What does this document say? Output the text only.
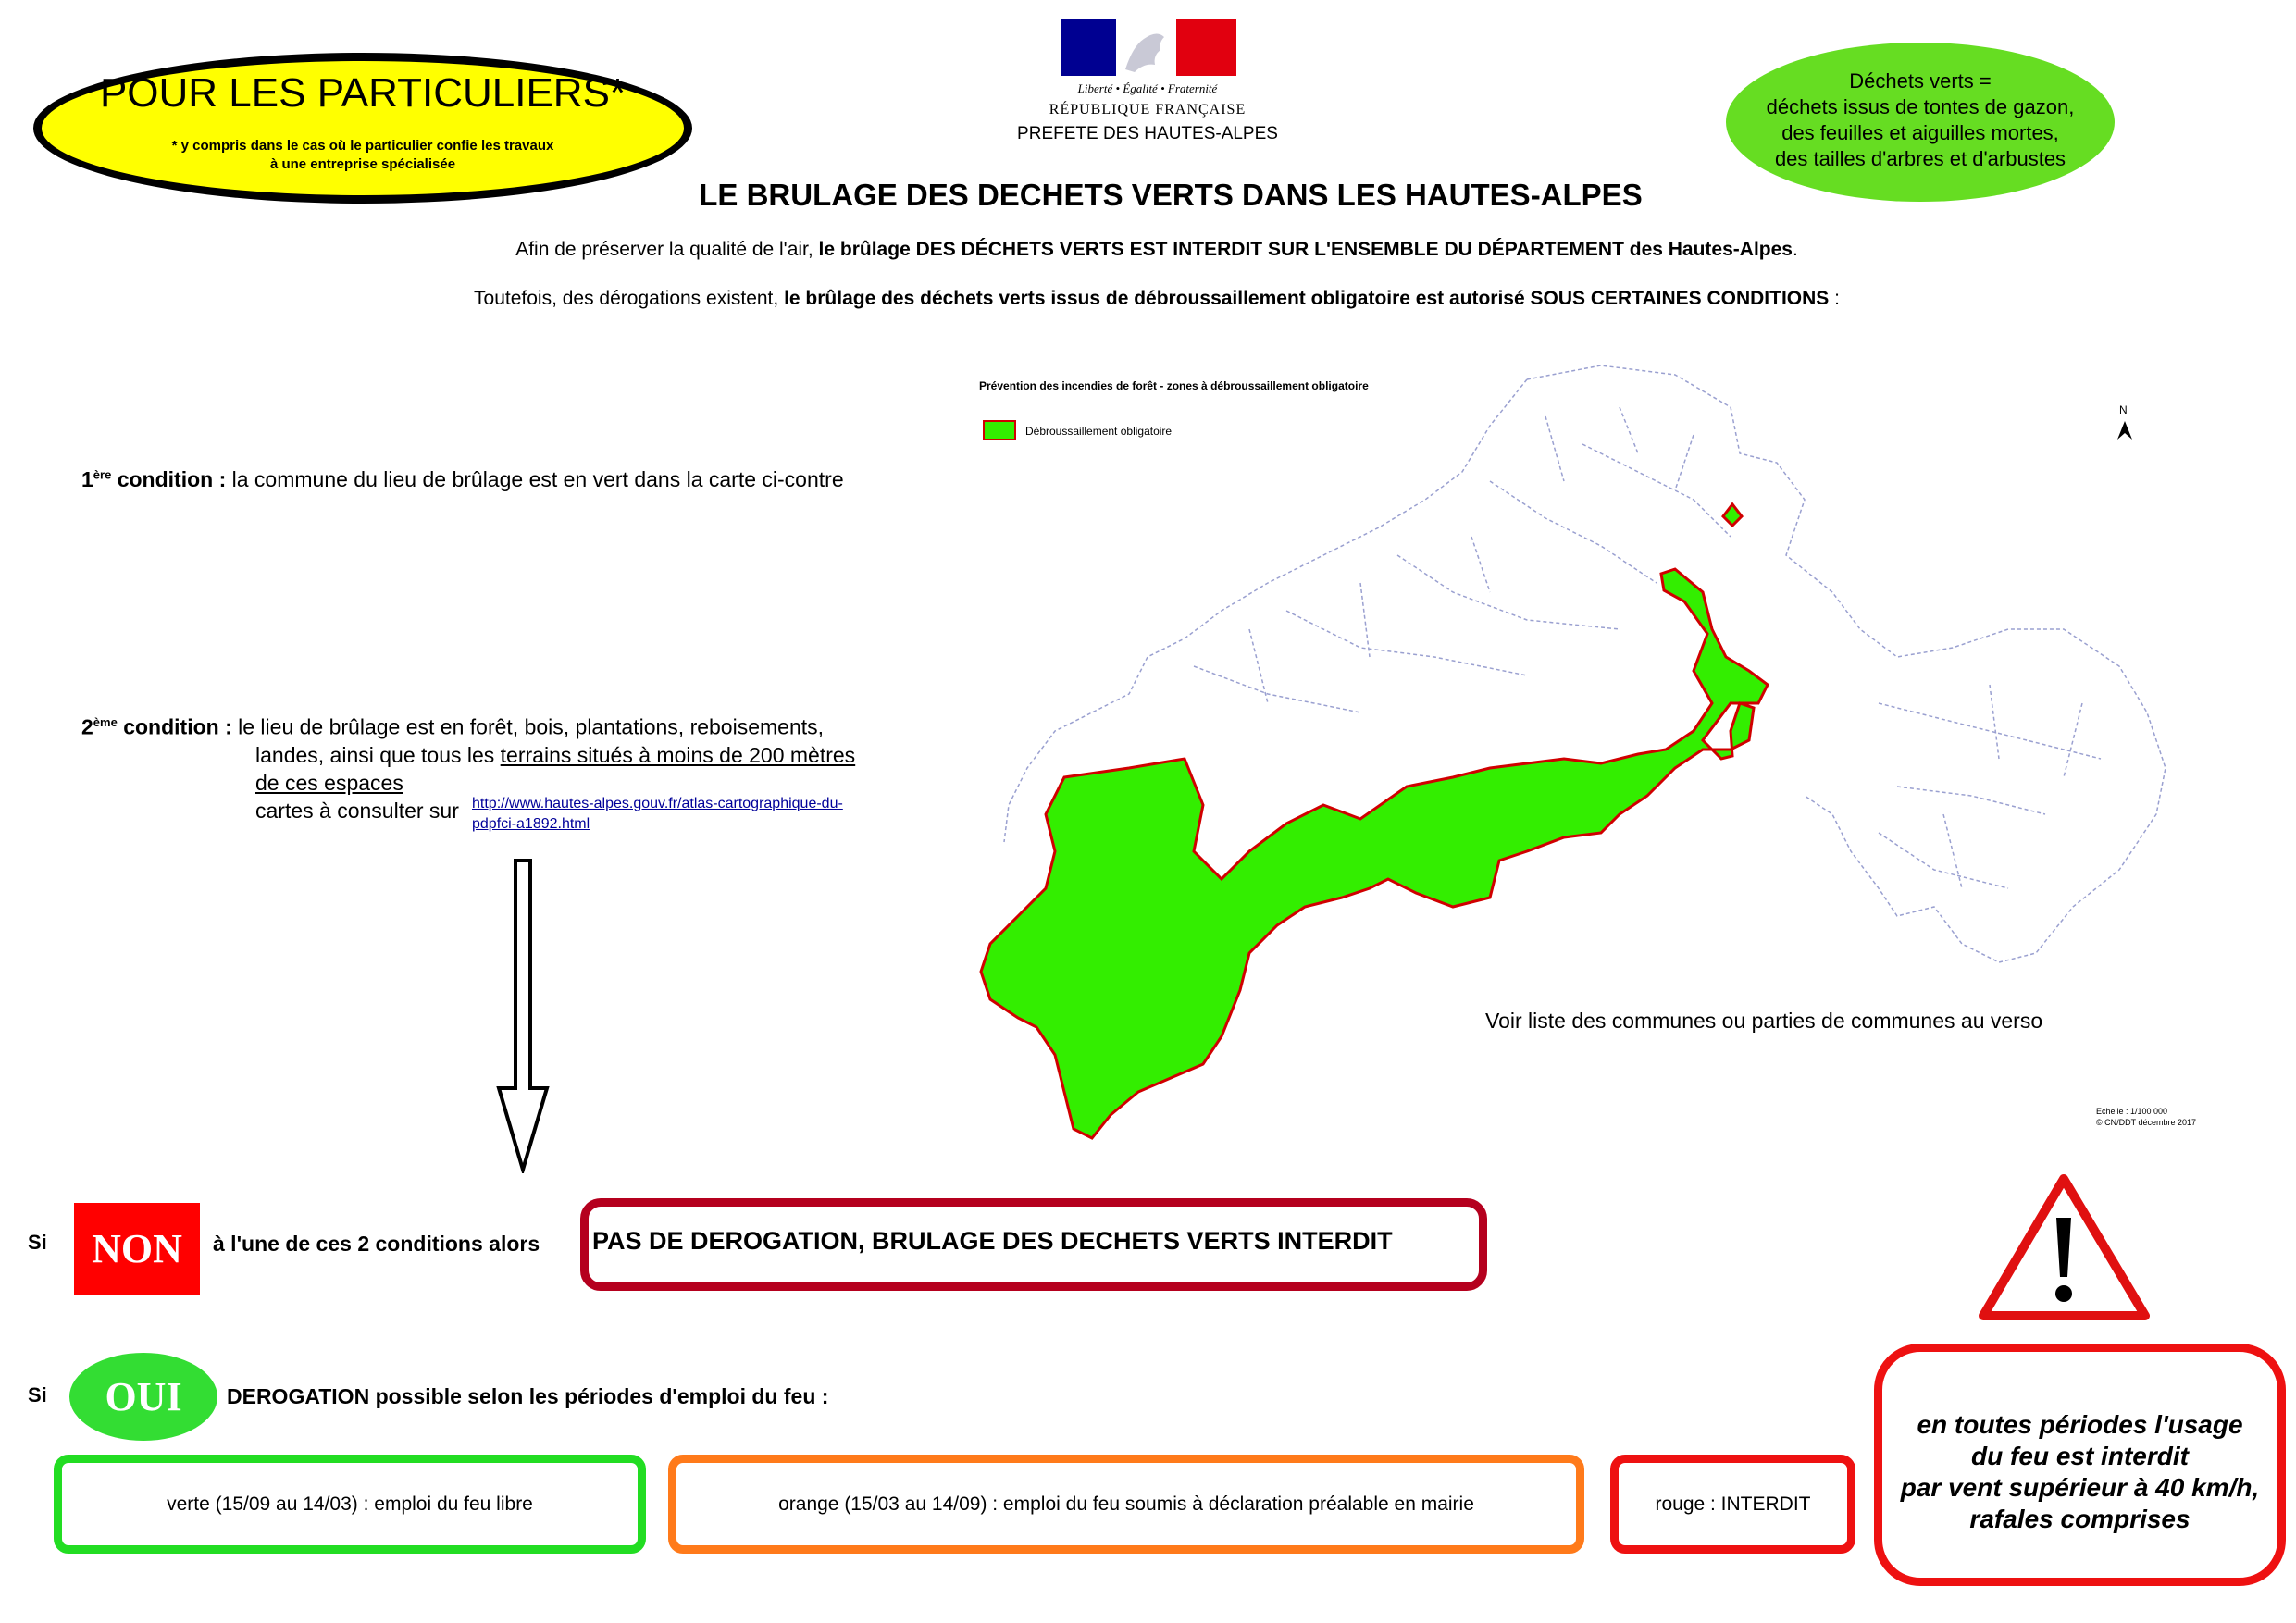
POUR LES PARTICULIERS*
* y compris dans le cas où le particulier confie les travaux
à une entreprise spécialisée
Liberté • Égalité • Fraternité
RÉPUBLIQUE FRANÇAISE
PREFETE DES HAUTES-ALPES
Déchets verts =
déchets issus de tontes de gazon,
des feuilles et aiguilles mortes,
des tailles d'arbres et d'arbustes
LE BRULAGE DES DECHETS VERTS DANS LES HAUTES-ALPES
Afin de préserver la qualité de l'air, le brûlage DES DÉCHETS VERTS EST INTERDIT SUR L'ENSEMBLE DU DÉPARTEMENT des Hautes-Alpes.
Toutefois, des dérogations existent, le brûlage des déchets verts issus de débroussaillement obligatoire est autorisé SOUS CERTAINES CONDITIONS :
1ère condition : la commune du lieu de brûlage est en vert dans la carte ci-contre
2ème condition : le lieu de brûlage est en forêt, bois, plantations, reboisements,
landes, ainsi que tous les terrains situés à moins de 200 mètres
de ces espaces
cartes à consulter sur http://www.hautes-alpes.gouv.fr/atlas-cartographique-du-
pdpfci-a1892.html
Prévention des incendies de forêt - zones à débroussaillement obligatoire
Débroussaillement obligatoire
N
Echelle : 1/100 000
© CN/DDT décembre 2017
Voir liste des communes ou parties de communes au verso
Si	NON	à l'une de ces 2 conditions alors PAS DE DEROGATION, BRULAGE DES DECHETS VERTS INTERDIT
Si	OUI	DEROGATION possible selon les périodes d'emploi du feu :
verte (15/09 au 14/03) : emploi du feu libre	orange (15/03 au 14/09) : emploi du feu soumis à déclaration préalable en mairie	rouge : INTERDIT
en toutes périodes l'usage
du feu est interdit
par vent supérieur à 40 km/h,
rafales comprises
